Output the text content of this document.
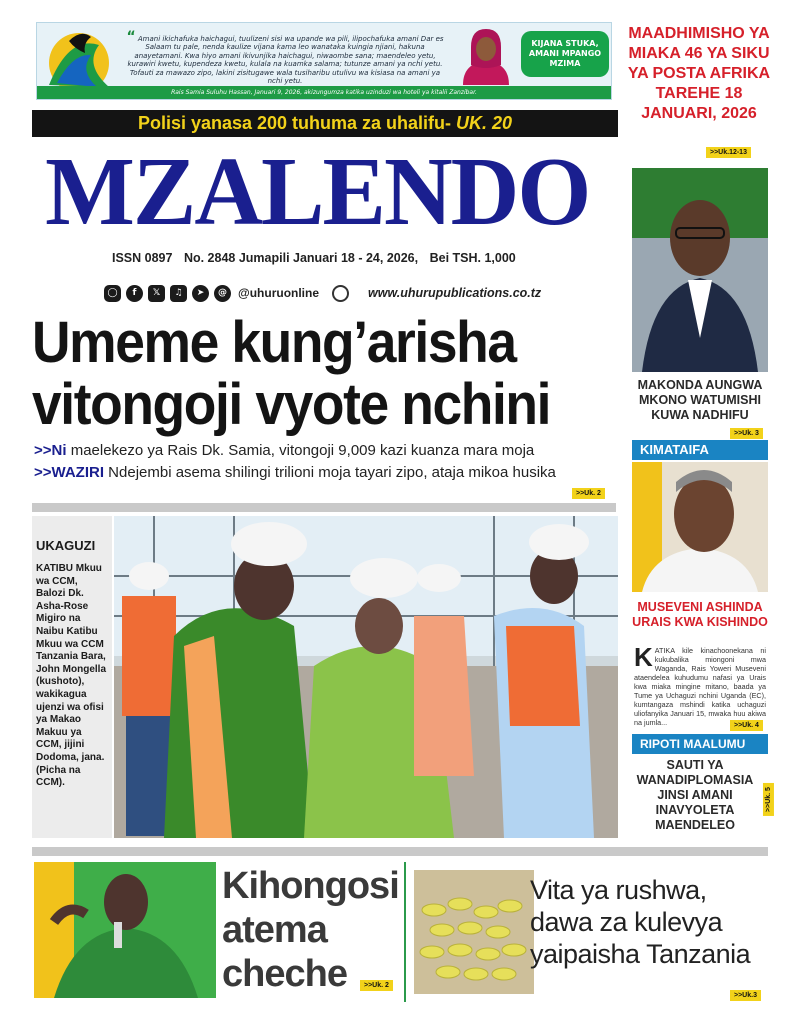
“ Amani ikichafuka haichagui, tuulizeni sisi wa upande wa pili, ilipochafuka amani Dar es Salaam tu pale, nenda kaulize vijana kama leo wanataka kuingia njiani, hakuna anayetamani. Kwa hiyo amani ikivunjika haichagui, niwaombe sana; maendeleo yetu, kurawiri kwetu, kupendeza kwetu, kulala na kuamka salama; tutunze amani ya nchi yetu. Tofauti za mawazo zipo, lakini zisitugawe wala tusiharibu utulivu wa kisiasa na amani ya nchi yetu.
KIJANA STUKA, AMANI MPANGO MZIMA
Rais Samia Suluhu Hassan, Januari 9, 2026, akizungumza katika uzinduzi wa hoteli ya kitalii Zanzibar.
MAADHIMISHO YA MIAKA 46 YA SIKU YA POSTA AFRIKA TAREHE 18 JANUARI, 2026
>>Uk.12-13
Polisi yanasa 200 tuhuma za uhalifu- UK. 20
MZALENDO
ISSN 0897 No. 2848 Jumapili Januari 18 - 24, 2026, Bei TSH. 1,000
◯	f	𝕏	♫	➤	@ @uhuruonline	www.uhurupublications.co.tz
Umeme kung’arisha
vitongoji vyote nchini
>>Ni maelekezo ya Rais Dk. Samia, vitongoji 9,009 kazi kuanza mara moja
>>WAZIRI Ndejembi asema shilingi trilioni moja tayari zipo, ataja mikoa husika
>>Uk. 2
UKAGUZI
KATIBU Mkuu wa CCM, Balozi Dk. Asha-Rose Migiro na Naibu Katibu Mkuu wa CCM Tanzania Bara, John Mongella (kushoto), wakikagua ujenzi wa ofisi ya Makao Makuu ya CCM, jijini Dodoma, jana. (Picha na CCM).
MAKONDA AUNGWA MKONO WATUMISHI KUWA NADHIFU
>>Uk. 3
KIMATAIFA
MUSEVENI ASHINDA URAIS KWA KISHINDO
KATIKA kile kinachoonekana ni kukubalika miongoni mwa Waganda, Rais Yoweri Museveni ataendelea kuhudumu nafasi ya Urais kwa miaka mingine mitano, baada ya Tume ya Uchaguzi nchini Uganda (EC), kumtangaza mshindi katika uchaguzi uliofanyika Januari 15, mwaka huu akiwa na jumla...	>>Uk. 4
RIPOTI MAALUMU
SAUTI YA WANADIPLOMASIA JINSI AMANI INAVYOLETA MAENDELEO
>>Uk. 5
Kihongosi atema cheche	>>Uk. 2
Vita ya rushwa, dawa za kulevya yaipaisha Tanzania
>>Uk.3
